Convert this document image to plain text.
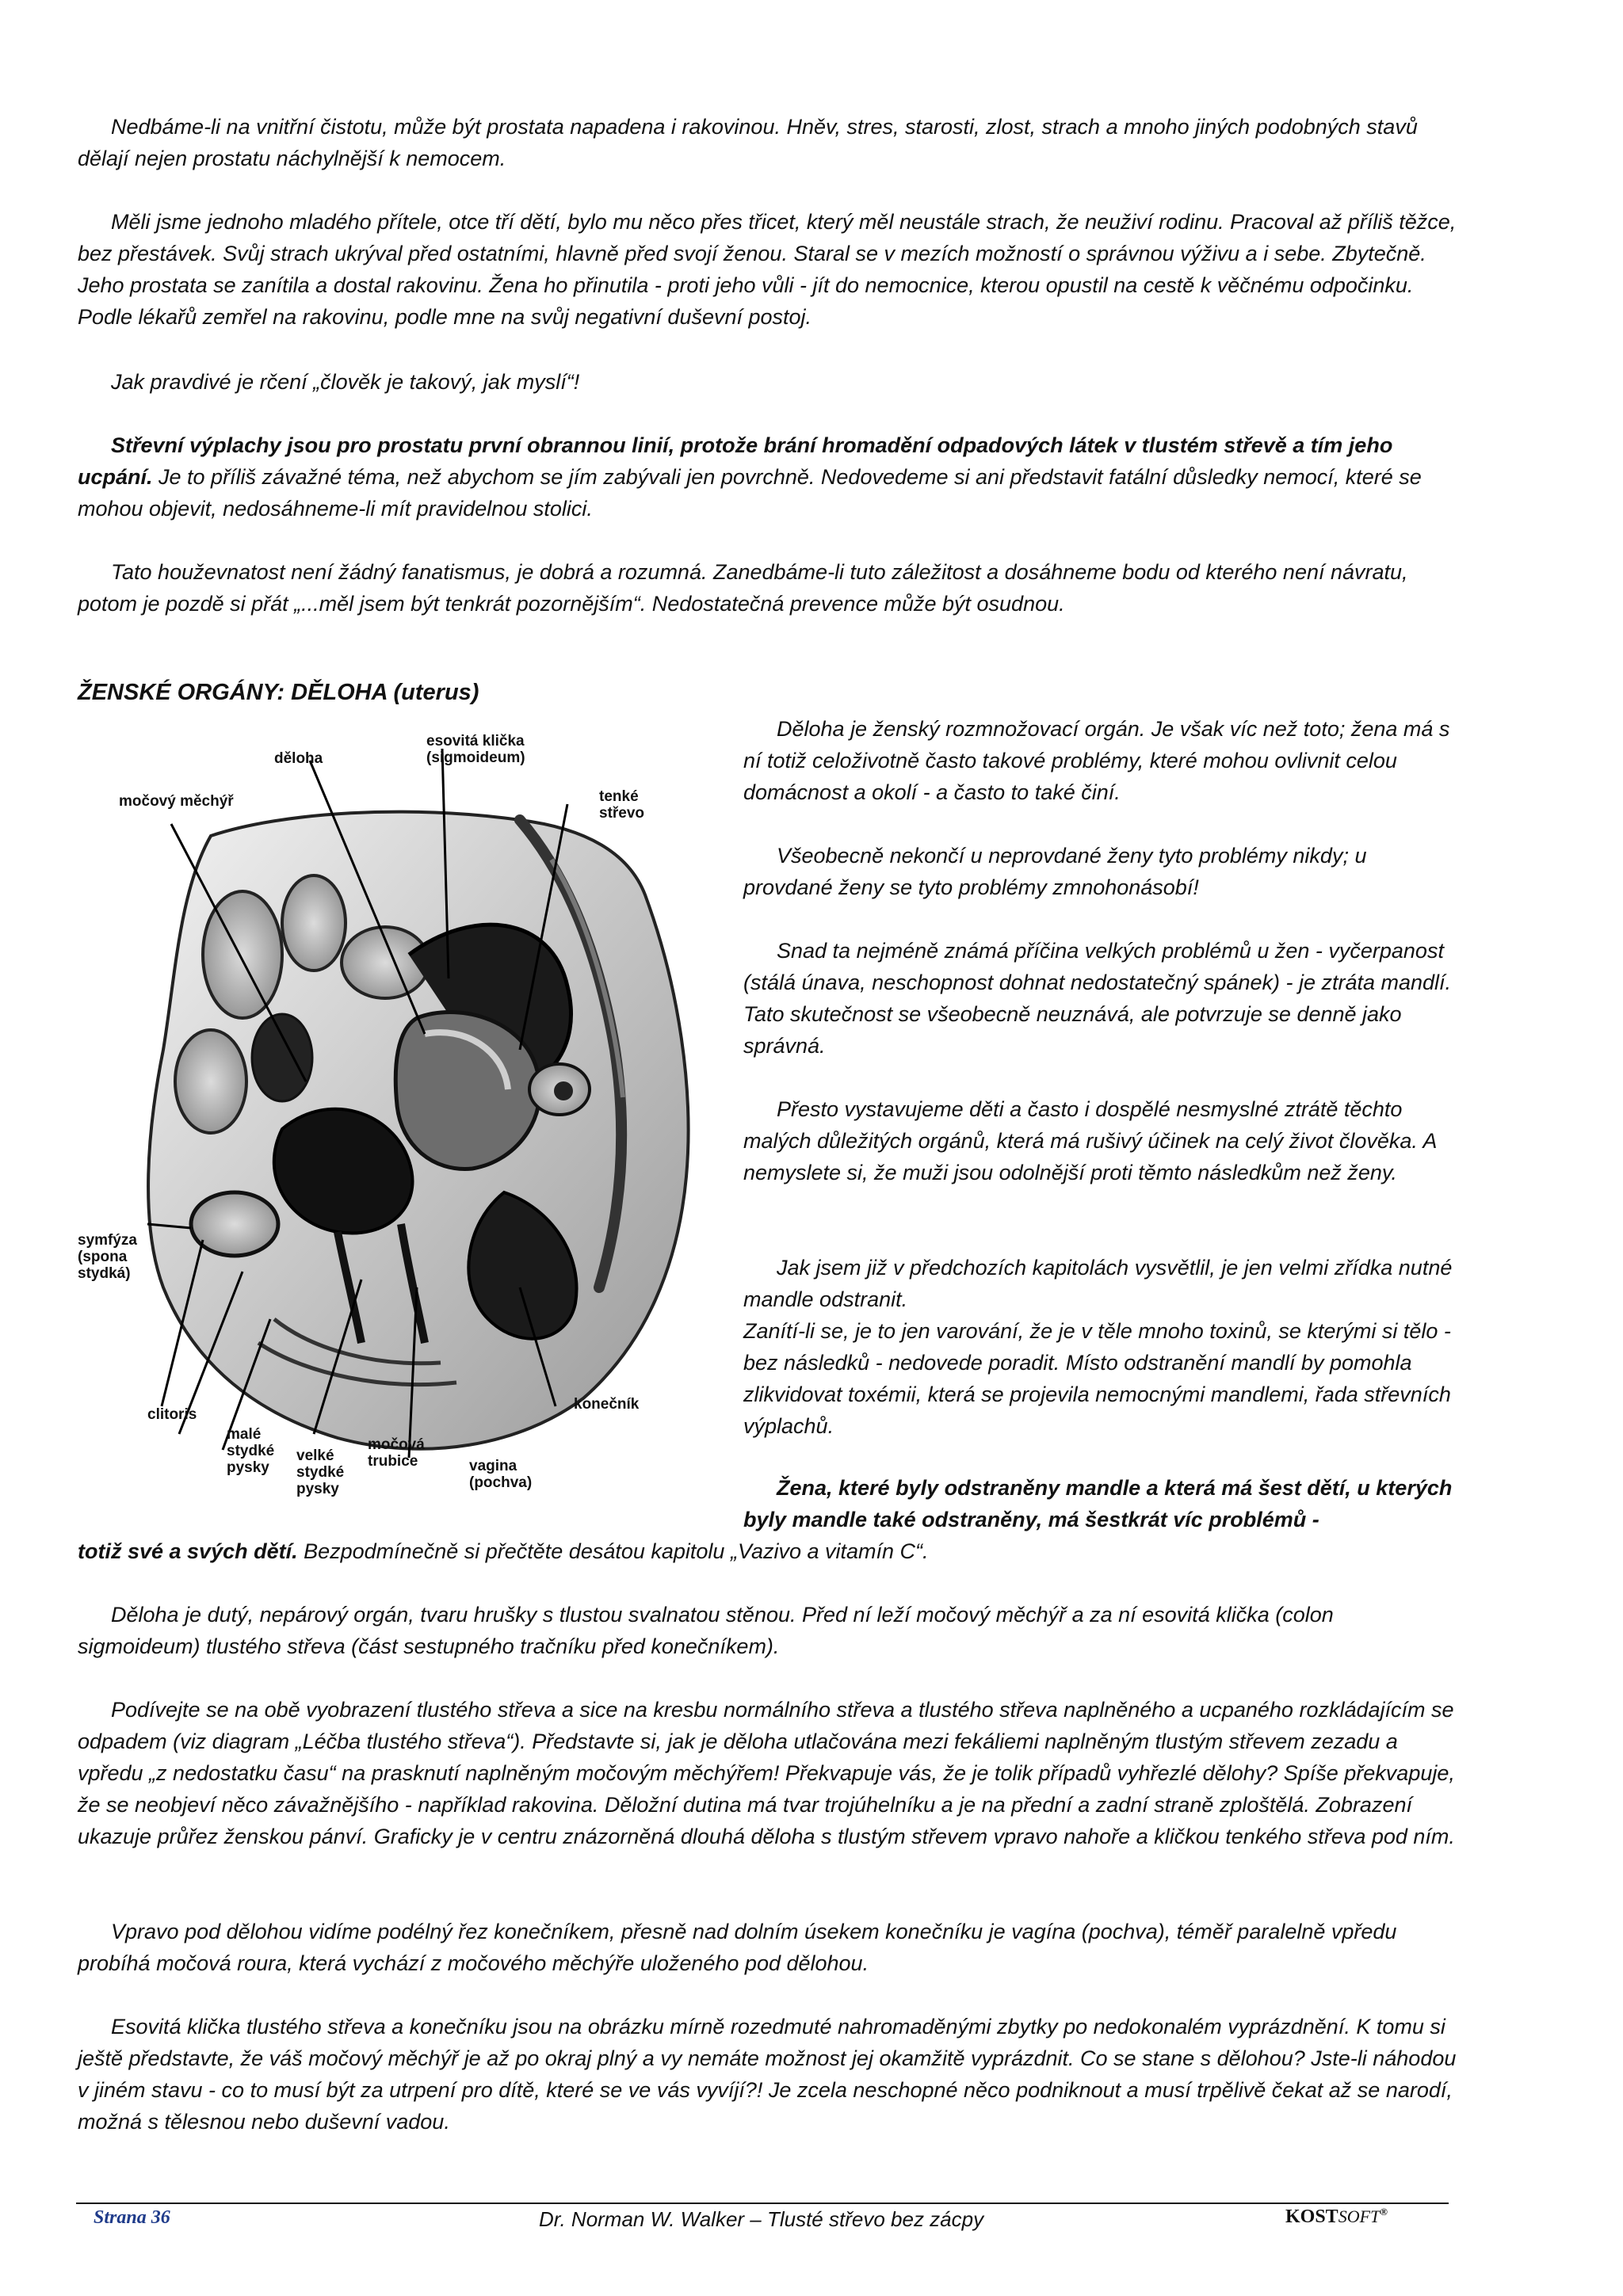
Nedbáme-li na vnitřní čistotu, může být prostata napadena i rakovinou. Hněv, stres, starosti, zlost, strach a mnoho jiných podobných stavů dělají nejen prostatu náchylnější k nemocem.

Měli jsme jednoho mladého přítele, otce tří dětí, bylo mu něco přes třicet, který měl neustále strach, že neuživí rodinu. Pracoval až příliš těžce, bez přestávek. Svůj strach ukrýval před ostatními, hlavně před svojí ženou. Staral se v mezích možností o správnou výživu a i sebe. Zbytečně. Jeho prostata se zanítila a dostal rakovinu. Žena ho přinutila - proti jeho vůli - jít do nemocnice, kterou opustil na cestě k věčnému odpočinku. Podle lékařů zemřel na rakovinu, podle mne na svůj negativní duševní postoj.

Jak pravdivé je rčení „člověk je takový, jak myslí“!

Střevní výplachy jsou pro prostatu první obrannou linií, protože brání hromadění odpadových látek v tlustém střevě a tím jeho ucpání. Je to příliš závažné téma, než abychom se jím zabývali jen povrchně. Nedovedeme si ani představit fatální důsledky nemocí, které se mohou objevit, nedosáhneme-li mít pravidelnou stolici.

Tato houževnatost není žádný fanatismus, je dobrá a rozumná. Zanedbáme-li tuto záležitost a dosáhneme bodu od kterého není návratu, potom je pozdě si přát „...měl jsem být tenkrát pozornějším“. Nedostatečná prevence může být osudnou.

ŽENSKÉ ORGÁNY: DĚLOHA (uterus)

esovitá klička
(sigmoideum)

děloha

močový měchýř	tenké
střevo

symfýza
(spona
stydká)

clitoris

malé
stydké
pysky

velké
stydké
pysky

močová
trubice	vagina
(pochva)

konečník

Děloha je ženský rozmnožovací orgán. Je však víc než toto; žena má s ní totiž celoživotně často takové problémy, které mohou ovlivnit celou domácnost a okolí - a často to také činí.

Všeobecně nekončí u neprovdané ženy tyto problémy nikdy; u provdané ženy se tyto problémy zmnohonásobí!

Snad ta nejméně známá příčina velkých problémů u žen - vyčerpanost (stálá únava, neschopnost dohnat nedostatečný spánek) - je ztráta mandlí. Tato skutečnost se všeobecně neuznává, ale potvrzuje se denně jako správná.

Přesto vystavujeme děti a často i dospělé nesmyslné ztrátě těchto malých důležitých orgánů, která má rušivý účinek na celý život člověka. A nemyslete si, že muži jsou odolnější proti těmto následkům než ženy.

Jak jsem již v předchozích kapitolách vysvětlil, je jen velmi zřídka nutné mandle odstranit.
Zanítí-li se, je to jen varování, že je v těle mnoho toxinů, se kterými si tělo - bez následků - nedovede poradit. Místo odstranění mandlí by pomohla zlikvidovat toxémii, která se projevila nemocnými mandlemi, řada střevních výplachů.

Žena, které byly odstraněny mandle a která má šest dětí, u kterých byly mandle také odstraněny, má šestkrát víc problémů -

totiž své a svých dětí. Bezpodmínečně si přečtěte desátou kapitolu „Vazivo a vitamín C“.

Děloha je dutý, nepárový orgán, tvaru hrušky s tlustou svalnatou stěnou. Před ní leží močový měchýř a za ní esovitá klička (colon sigmoideum) tlustého střeva (část sestupného tračníku před konečníkem).

Podívejte se na obě vyobrazení tlustého střeva a sice na kresbu normálního střeva a tlustého střeva naplněného a ucpaného rozkládajícím se odpadem (viz diagram „Léčba tlustého střeva“). Představte si, jak je děloha utlačována mezi fekáliemi naplněným tlustým střevem zezadu a vpředu „z nedostatku času“ na prasknutí naplněným močovým měchýřem! Překvapuje vás, že je tolik případů vyhřezlé dělohy? Spíše překvapuje, že se neobjeví něco závažnějšího - například rakovina. Děložní dutina má tvar trojúhelníku a je na přední a zadní straně zploštělá. Zobrazení ukazuje průřez ženskou pánví. Graficky je v centru znázorněná dlouhá děloha s tlustým střevem vpravo nahoře a kličkou tenkého střeva pod ním.

Vpravo pod dělohou vidíme podélný řez konečníkem, přesně nad dolním úsekem konečníku je vagína (pochva), téměř paralelně vpředu probíhá močová roura, která vychází z močového měchýře uloženého pod dělohou.

Esovitá klička tlustého střeva a konečníku jsou na obrázku mírně rozedmuté nahromaděnými zbytky po nedokonalém vyprázdnění. K tomu si ještě představte, že váš močový měchýř je až po okraj plný a vy nemáte možnost jej okamžitě vyprázdnit. Co se stane s dělohou? Jste-li náhodou v jiném stavu - co to musí být za utrpení pro dítě, které se ve vás vyvíjí?! Je zcela neschopné něco podniknout a musí trpělivě čekat až se narodí, možná s tělesnou nebo duševní vadou.

Strana 36	Dr. Norman W. Walker – Tlusté střevo bez zácpy	KOSTSOFT®
